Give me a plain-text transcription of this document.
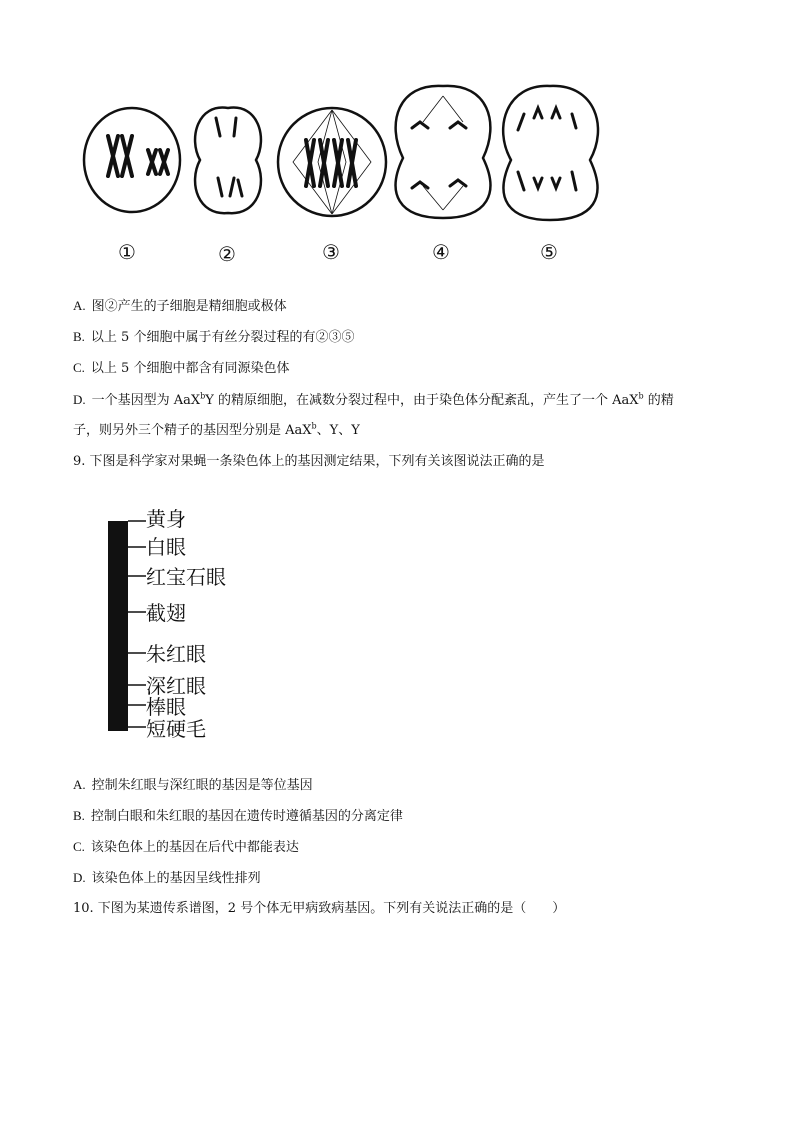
①	②	③	④	⑤
A. 图②产生的子细胞是精细胞或极体
B. 以上 5 个细胞中属于有丝分裂过程的有②③⑤
C. 以上 5 个细胞中都含有同源染色体
D. 一个基因型为 AaX$^b$Y 的精原细胞，在减数分裂过程中，由于染色体分配紊乱，产生了一个 AaX$^b$ 的精
子，则另外三个精子的基因型分别是 AaX$^b$、Y、Y
9. 下图是科学家对果蝇一条染色体上的基因测定结果，下列有关该图说法正确的是
黄身
白眼
红宝石眼
截翅
朱红眼
深红眼
棒眼
短硬毛
A. 控制朱红眼与深红眼的基因是等位基因
B. 控制白眼和朱红眼的基因在遗传时遵循基因的分离定律
C. 该染色体上的基因在后代中都能表达
D. 该染色体上的基因呈线性排列
10. 下图为某遗传系谱图，2 号个体无甲病致病基因。下列有关说法正确的是（　　）
